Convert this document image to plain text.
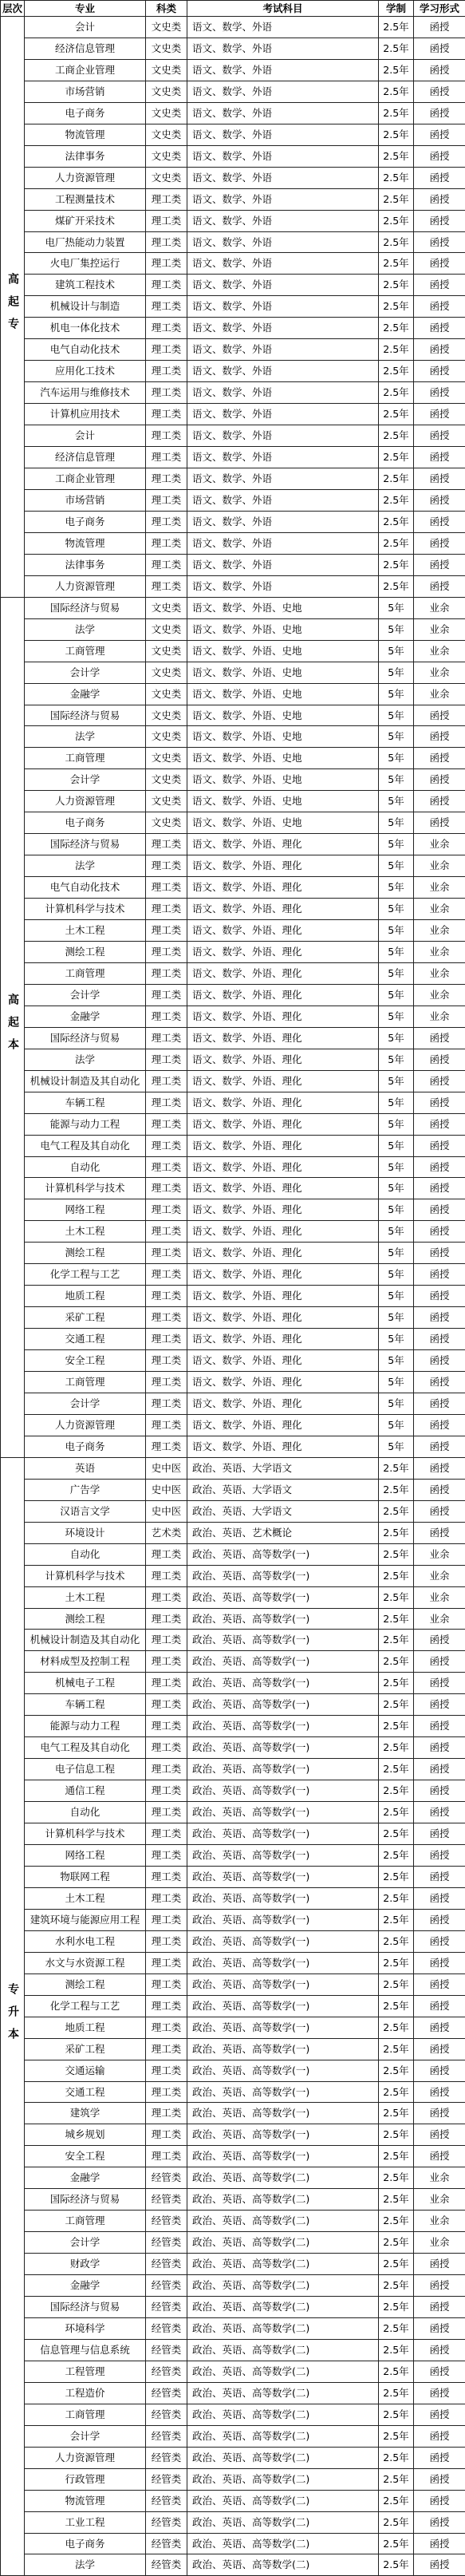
层次	专业	科类	考试科目	学制	学习形式
高起专	会计	文史类	语文、数学、外语	2.5年	函授
	经济信息管理	文史类	语文、数学、外语	2.5年	函授
	工商企业管理	文史类	语文、数学、外语	2.5年	函授
	市场营销	文史类	语文、数学、外语	2.5年	函授
	电子商务	文史类	语文、数学、外语	2.5年	函授
	物流管理	文史类	语文、数学、外语	2.5年	函授
	法律事务	文史类	语文、数学、外语	2.5年	函授
	人力资源管理	文史类	语文、数学、外语	2.5年	函授
	工程测量技术	理工类	语文、数学、外语	2.5年	函授
	煤矿开采技术	理工类	语文、数学、外语	2.5年	函授
	电厂热能动力装置	理工类	语文、数学、外语	2.5年	函授
	火电厂集控运行	理工类	语文、数学、外语	2.5年	函授
	建筑工程技术	理工类	语文、数学、外语	2.5年	函授
	机械设计与制造	理工类	语文、数学、外语	2.5年	函授
	机电一体化技术	理工类	语文、数学、外语	2.5年	函授
	电气自动化技术	理工类	语文、数学、外语	2.5年	函授
	应用化工技术	理工类	语文、数学、外语	2.5年	函授
	汽车运用与维修技术	理工类	语文、数学、外语	2.5年	函授
	计算机应用技术	理工类	语文、数学、外语	2.5年	函授
	会计	理工类	语文、数学、外语	2.5年	函授
	经济信息管理	理工类	语文、数学、外语	2.5年	函授
	工商企业管理	理工类	语文、数学、外语	2.5年	函授
	市场营销	理工类	语文、数学、外语	2.5年	函授
	电子商务	理工类	语文、数学、外语	2.5年	函授
	物流管理	理工类	语文、数学、外语	2.5年	函授
	法律事务	理工类	语文、数学、外语	2.5年	函授
	人力资源管理	理工类	语文、数学、外语	2.5年	函授
高起本	国际经济与贸易	文史类	语文、数学、外语、史地	5年	业余
	法学	文史类	语文、数学、外语、史地	5年	业余
	工商管理	文史类	语文、数学、外语、史地	5年	业余
	会计学	文史类	语文、数学、外语、史地	5年	业余
	金融学	文史类	语文、数学、外语、史地	5年	业余
	国际经济与贸易	文史类	语文、数学、外语、史地	5年	函授
	法学	文史类	语文、数学、外语、史地	5年	函授
	工商管理	文史类	语文、数学、外语、史地	5年	函授
	会计学	文史类	语文、数学、外语、史地	5年	函授
	人力资源管理	文史类	语文、数学、外语、史地	5年	函授
	电子商务	文史类	语文、数学、外语、史地	5年	函授
	国际经济与贸易	理工类	语文、数学、外语、理化	5年	业余
	法学	理工类	语文、数学、外语、理化	5年	业余
	电气自动化技术	理工类	语文、数学、外语、理化	5年	业余
	计算机科学与技术	理工类	语文、数学、外语、理化	5年	业余
	土木工程	理工类	语文、数学、外语、理化	5年	业余
	测绘工程	理工类	语文、数学、外语、理化	5年	业余
	工商管理	理工类	语文、数学、外语、理化	5年	业余
	会计学	理工类	语文、数学、外语、理化	5年	业余
	金融学	理工类	语文、数学、外语、理化	5年	业余
	国际经济与贸易	理工类	语文、数学、外语、理化	5年	函授
	法学	理工类	语文、数学、外语、理化	5年	函授
	机械设计制造及其自动化	理工类	语文、数学、外语、理化	5年	函授
	车辆工程	理工类	语文、数学、外语、理化	5年	函授
	能源与动力工程	理工类	语文、数学、外语、理化	5年	函授
	电气工程及其自动化	理工类	语文、数学、外语、理化	5年	函授
	自动化	理工类	语文、数学、外语、理化	5年	函授
	计算机科学与技术	理工类	语文、数学、外语、理化	5年	函授
	网络工程	理工类	语文、数学、外语、理化	5年	函授
	土木工程	理工类	语文、数学、外语、理化	5年	函授
	测绘工程	理工类	语文、数学、外语、理化	5年	函授
	化学工程与工艺	理工类	语文、数学、外语、理化	5年	函授
	地质工程	理工类	语文、数学、外语、理化	5年	函授
	采矿工程	理工类	语文、数学、外语、理化	5年	函授
	交通工程	理工类	语文、数学、外语、理化	5年	函授
	安全工程	理工类	语文、数学、外语、理化	5年	函授
	工商管理	理工类	语文、数学、外语、理化	5年	函授
	会计学	理工类	语文、数学、外语、理化	5年	函授
	人力资源管理	理工类	语文、数学、外语、理化	5年	函授
	电子商务	理工类	语文、数学、外语、理化	5年	函授
专升本	英语	史中医	政治、英语、大学语文	2.5年	函授
	广告学	史中医	政治、英语、大学语文	2.5年	函授
	汉语言文学	史中医	政治、英语、大学语文	2.5年	函授
	环境设计	艺术类	政治、英语、艺术概论	2.5年	函授
	自动化	理工类	政治、英语、高等数学(一)	2.5年	业余
	计算机科学与技术	理工类	政治、英语、高等数学(一)	2.5年	业余
	土木工程	理工类	政治、英语、高等数学(一)	2.5年	业余
	测绘工程	理工类	政治、英语、高等数学(一)	2.5年	业余
	机械设计制造及其自动化	理工类	政治、英语、高等数学(一)	2.5年	函授
	材料成型及控制工程	理工类	政治、英语、高等数学(一)	2.5年	函授
	机械电子工程	理工类	政治、英语、高等数学(一)	2.5年	函授
	车辆工程	理工类	政治、英语、高等数学(一)	2.5年	函授
	能源与动力工程	理工类	政治、英语、高等数学(一)	2.5年	函授
	电气工程及其自动化	理工类	政治、英语、高等数学(一)	2.5年	函授
	电子信息工程	理工类	政治、英语、高等数学(一)	2.5年	函授
	通信工程	理工类	政治、英语、高等数学(一)	2.5年	函授
	自动化	理工类	政治、英语、高等数学(一)	2.5年	函授
	计算机科学与技术	理工类	政治、英语、高等数学(一)	2.5年	函授
	网络工程	理工类	政治、英语、高等数学(一)	2.5年	函授
	物联网工程	理工类	政治、英语、高等数学(一)	2.5年	函授
	土木工程	理工类	政治、英语、高等数学(一)	2.5年	函授
	建筑环境与能源应用工程	理工类	政治、英语、高等数学(一)	2.5年	函授
	水利水电工程	理工类	政治、英语、高等数学(一)	2.5年	函授
	水文与水资源工程	理工类	政治、英语、高等数学(一)	2.5年	函授
	测绘工程	理工类	政治、英语、高等数学(一)	2.5年	函授
	化学工程与工艺	理工类	政治、英语、高等数学(一)	2.5年	函授
	地质工程	理工类	政治、英语、高等数学(一)	2.5年	函授
	采矿工程	理工类	政治、英语、高等数学(一)	2.5年	函授
	交通运输	理工类	政治、英语、高等数学(一)	2.5年	函授
	交通工程	理工类	政治、英语、高等数学(一)	2.5年	函授
	建筑学	理工类	政治、英语、高等数学(一)	2.5年	函授
	城乡规划	理工类	政治、英语、高等数学(一)	2.5年	函授
	安全工程	理工类	政治、英语、高等数学(一)	2.5年	函授
	金融学	经管类	政治、英语、高等数学(二)	2.5年	业余
	国际经济与贸易	经管类	政治、英语、高等数学(二)	2.5年	业余
	工商管理	经管类	政治、英语、高等数学(二)	2.5年	业余
	会计学	经管类	政治、英语、高等数学(二)	2.5年	业余
	财政学	经管类	政治、英语、高等数学(二)	2.5年	函授
	金融学	经管类	政治、英语、高等数学(二)	2.5年	函授
	国际经济与贸易	经管类	政治、英语、高等数学(二)	2.5年	函授
	环境科学	经管类	政治、英语、高等数学(二)	2.5年	函授
	信息管理与信息系统	经管类	政治、英语、高等数学(二)	2.5年	函授
	工程管理	经管类	政治、英语、高等数学(二)	2.5年	函授
	工程造价	经管类	政治、英语、高等数学(二)	2.5年	函授
	工商管理	经管类	政治、英语、高等数学(二)	2.5年	函授
	会计学	经管类	政治、英语、高等数学(二)	2.5年	函授
	人力资源管理	经管类	政治、英语、高等数学(二)	2.5年	函授
	行政管理	经管类	政治、英语、高等数学(二)	2.5年	函授
	物流管理	经管类	政治、英语、高等数学(二)	2.5年	函授
	工业工程	经管类	政治、英语、高等数学(二)	2.5年	函授
	电子商务	经管类	政治、英语、高等数学(二)	2.5年	函授
	法学	经管类	政治、英语、高等数学(二)	2.5年	函授
